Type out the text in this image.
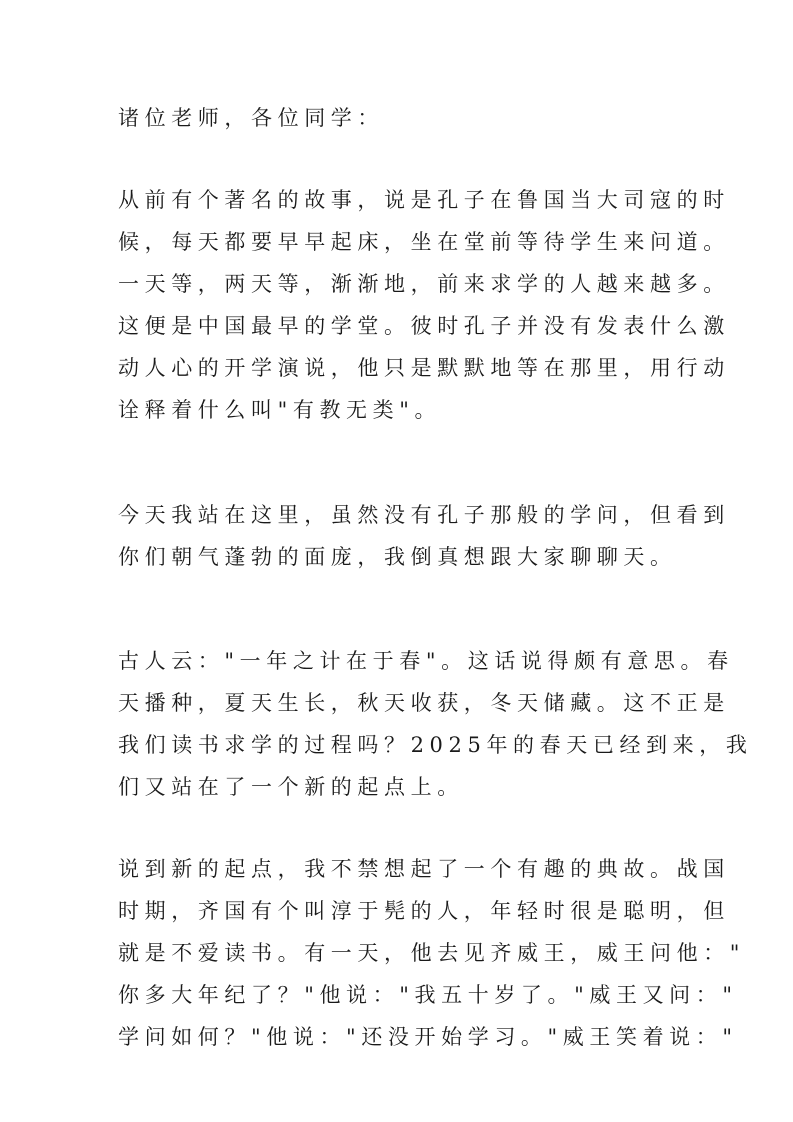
诸位老师，各位同学：
从前有个著名的故事，说是孔子在鲁国当大司寇的时
候，每天都要早早起床，坐在堂前等待学生来问道。
一天等，两天等，渐渐地，前来求学的人越来越多。
这便是中国最早的学堂。彼时孔子并没有发表什么激
动人心的开学演说，他只是默默地等在那里，用行动
诠释着什么叫"有教无类"。
今天我站在这里，虽然没有孔子那般的学问，但看到
你们朝气蓬勃的面庞，我倒真想跟大家聊聊天。
古人云："一年之计在于春"。这话说得颇有意思。春
天播种，夏天生长，秋天收获，冬天储藏。这不正是
我们读书求学的过程吗？2025年的春天已经到来，我
们又站在了一个新的起点上。
说到新的起点，我不禁想起了一个有趣的典故。战国
时期，齐国有个叫淳于髡的人，年轻时很是聪明，但
就是不爱读书。有一天，他去见齐威王，威王问他："
你多大年纪了？"他说："我五十岁了。"威王又问："
学问如何？"他说："还没开始学习。"威王笑着说："
